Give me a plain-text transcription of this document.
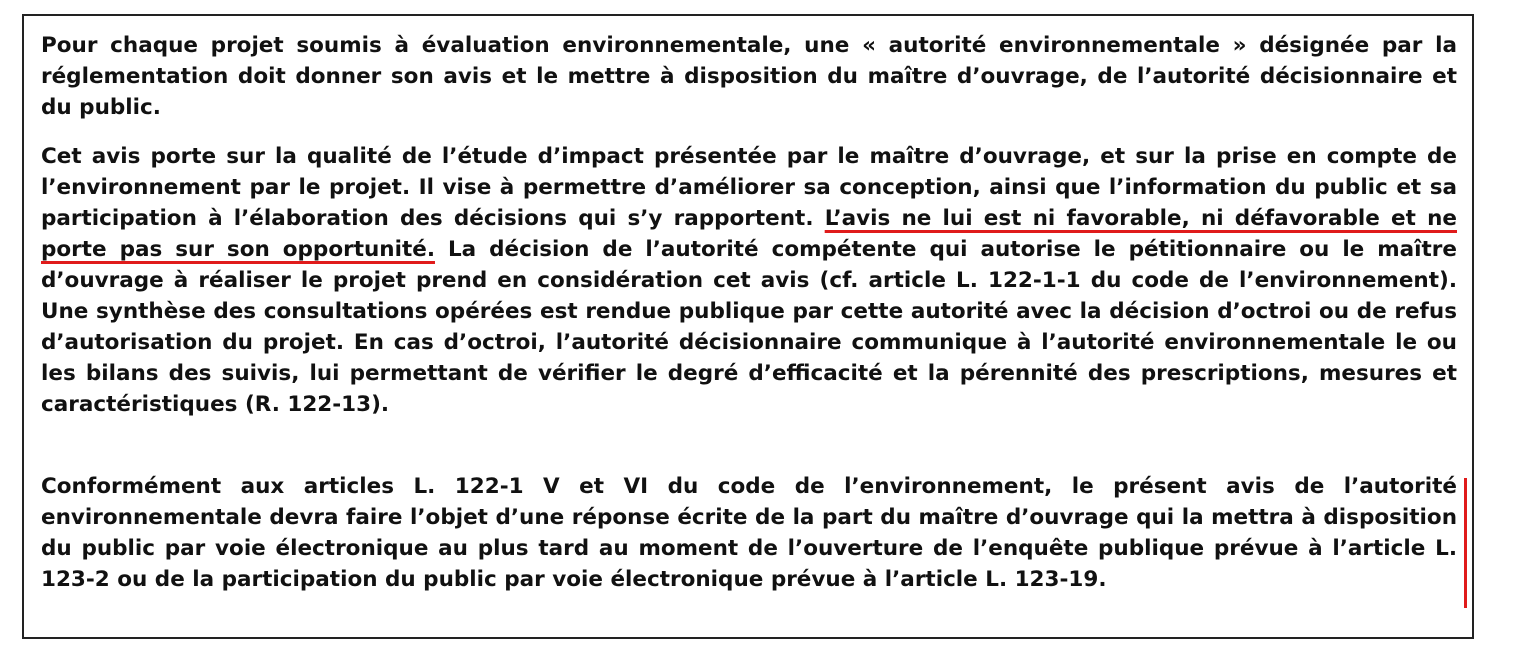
Pour chaque projet soumis à évaluation environnementale, une « autorité environnementale » désignée par la réglementation doit donner son avis et le mettre à disposition du maître d’ouvrage, de l’autorité décisionnaire et du public.

Cet avis porte sur la qualité de l’étude d’impact présentée par le maître d’ouvrage, et sur la prise en compte de l’environnement par le projet. Il vise à permettre d’améliorer sa conception, ainsi que l’information du public et sa participation à l’élaboration des décisions qui s’y rapportent. L’avis ne lui est ni favorable, ni défavorable et ne porte pas sur son opportunité. La décision de l’autorité compétente qui autorise le pétitionnaire ou le maître d’ouvrage à réaliser le projet prend en considération cet avis (cf. article L. 122-1-1 du code de l’environnement). Une synthèse des consultations opérées est rendue publique par cette autorité avec la décision d’octroi ou de refus d’autorisation du projet. En cas d’octroi, l’autorité décisionnaire communique à l’autorité environnementale le ou les bilans des suivis, lui permettant de vérifier le degré d’efficacité et la pérennité des prescriptions, mesures et caractéristiques (R. 122-13).

Conformément aux articles L. 122-1 V et VI du code de l’environnement, le présent avis de l’autorité environnementale devra faire l’objet d’une réponse écrite de la part du maître d’ouvrage qui la mettra à disposition du public par voie électronique au plus tard au moment de l’ouverture de l’enquête publique prévue à l’article L. 123-2 ou de la participation du public par voie électronique prévue à l’article L. 123-19.
